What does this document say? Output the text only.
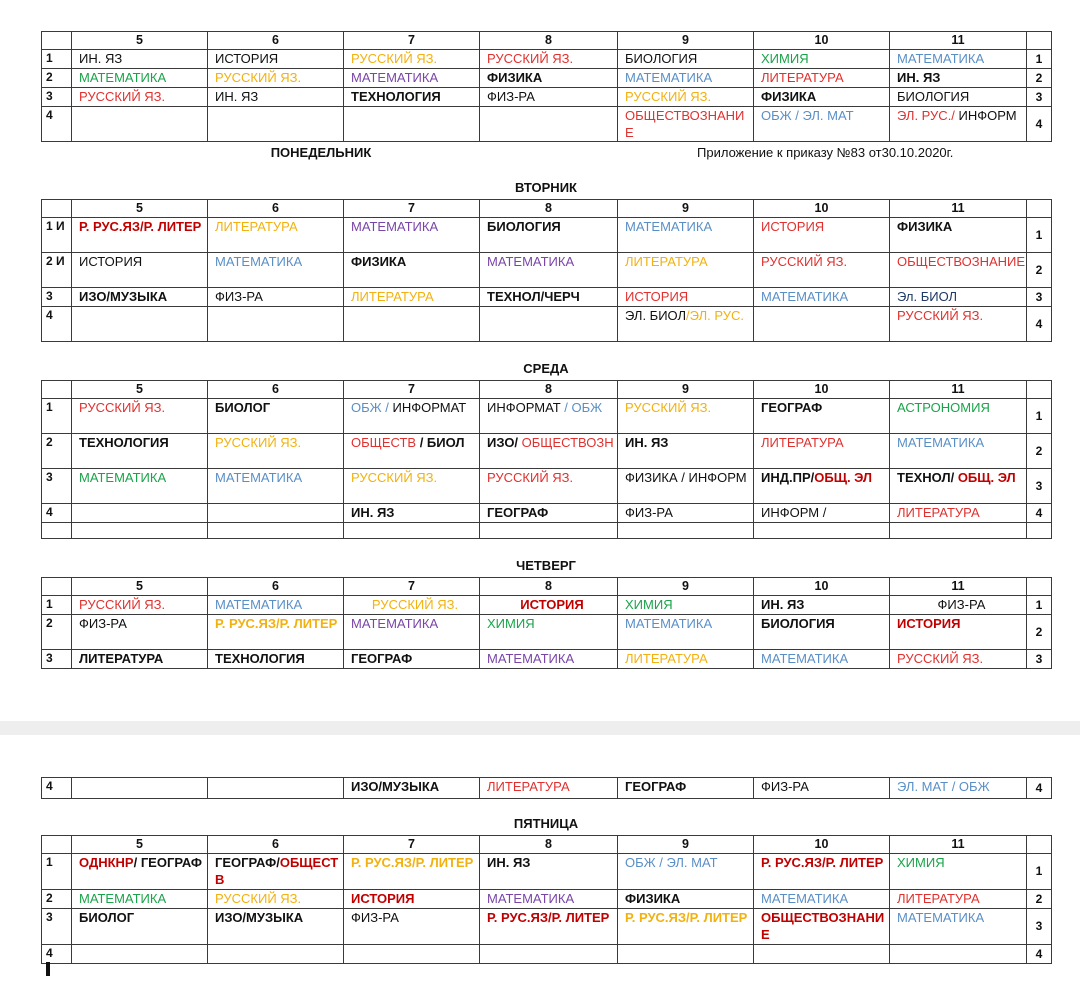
	5	6	7	8	9	10	11	
1	ИН. ЯЗ	ИСТОРИЯ	РУССКИЙ ЯЗ.	РУССКИЙ ЯЗ.	БИОЛОГИЯ	ХИМИЯ	МАТЕМАТИКА	1
2	МАТЕМАТИКА	РУССКИЙ ЯЗ.	МАТЕМАТИКА	ФИЗИКА	МАТЕМАТИКА	ЛИТЕРАТУРА	ИН. ЯЗ	2
3	РУССКИЙ ЯЗ.	ИН. ЯЗ	ТЕХНОЛОГИЯ	ФИЗ-РА	РУССКИЙ ЯЗ.	ФИЗИКА	БИОЛОГИЯ	3
4					ОБЩЕСТВОЗНАНИЕ	ОБЖ / ЭЛ. МАТ	ЭЛ. РУС./ ИНФОРМ	4
ПОНЕДЕЛЬНИК	Приложение к приказу №83 от30.10.2020г.
ВТОРНИК
	5	6	7	8	9	10	11	
1 И	Р. РУС.ЯЗ/Р. ЛИТЕР	ЛИТЕРАТУРА	МАТЕМАТИКА	БИОЛОГИЯ	МАТЕМАТИКА	ИСТОРИЯ	ФИЗИКА	1
2 И	ИСТОРИЯ	МАТЕМАТИКА	ФИЗИКА	МАТЕМАТИКА	ЛИТЕРАТУРА	РУССКИЙ ЯЗ.	ОБЩЕСТВОЗНАНИЕ	2
3	ИЗО/МУЗЫКА	ФИЗ-РА	ЛИТЕРАТУРА	ТЕХНОЛ/ЧЕРЧ	ИСТОРИЯ	МАТЕМАТИКА	Эл. БИОЛ	3
4					ЭЛ. БИОЛ/ЭЛ. РУС.		РУССКИЙ ЯЗ.	4
СРЕДА
	5	6	7	8	9	10	11	
1	РУССКИЙ ЯЗ.	БИОЛОГ	ОБЖ / ИНФОРМАТ	ИНФОРМАТ / ОБЖ	РУССКИЙ ЯЗ.	ГЕОГРАФ	АСТРОНОМИЯ	1
2	ТЕХНОЛОГИЯ	РУССКИЙ ЯЗ.	ОБЩЕСТВ / БИОЛ	ИЗО/ ОБЩЕСТВОЗН	ИН. ЯЗ	ЛИТЕРАТУРА	МАТЕМАТИКА	2
3	МАТЕМАТИКА	МАТЕМАТИКА	РУССКИЙ ЯЗ.	РУССКИЙ ЯЗ.	ФИЗИКА / ИНФОРМ	ИНД.ПР/ОБЩ. ЭЛ	ТЕХНОЛ/ ОБЩ. ЭЛ	3
4			ИН. ЯЗ	ГЕОГРАФ	ФИЗ-РА	ИНФОРМ /	ЛИТЕРАТУРА	4

ЧЕТВЕРГ
	5	6	7	8	9	10	11	
1	РУССКИЙ ЯЗ.	МАТЕМАТИКА	РУССКИЙ ЯЗ.	ИСТОРИЯ	ХИМИЯ	ИН. ЯЗ	ФИЗ-РА	1
2	ФИЗ-РА	Р. РУС.ЯЗ/Р. ЛИТЕР	МАТЕМАТИКА	ХИМИЯ	МАТЕМАТИКА	БИОЛОГИЯ	ИСТОРИЯ	2
3	ЛИТЕРАТУРА	ТЕХНОЛОГИЯ	ГЕОГРАФ	МАТЕМАТИКА	ЛИТЕРАТУРА	МАТЕМАТИКА	РУССКИЙ ЯЗ.	3
4			ИЗО/МУЗЫКА	ЛИТЕРАТУРА	ГЕОГРАФ	ФИЗ-РА	ЭЛ. МАТ / ОБЖ	4
ПЯТНИЦА
	5	6	7	8	9	10	11	
1	ОДНКНР/ ГЕОГРАФ	ГЕОГРАФ/ОБЩЕСТВ	Р. РУС.ЯЗ/Р. ЛИТЕР	ИН. ЯЗ	ОБЖ / ЭЛ. МАТ	Р. РУС.ЯЗ/Р. ЛИТЕР	ХИМИЯ	1
2	МАТЕМАТИКА	РУССКИЙ ЯЗ.	ИСТОРИЯ	МАТЕМАТИКА	ФИЗИКА	МАТЕМАТИКА	ЛИТЕРАТУРА	2
3	БИОЛОГ	ИЗО/МУЗЫКА	ФИЗ-РА	Р. РУС.ЯЗ/Р. ЛИТЕР	Р. РУС.ЯЗ/Р. ЛИТЕР	ОБЩЕСТВОЗНАНИЕ	МАТЕМАТИКА	3
4								4
